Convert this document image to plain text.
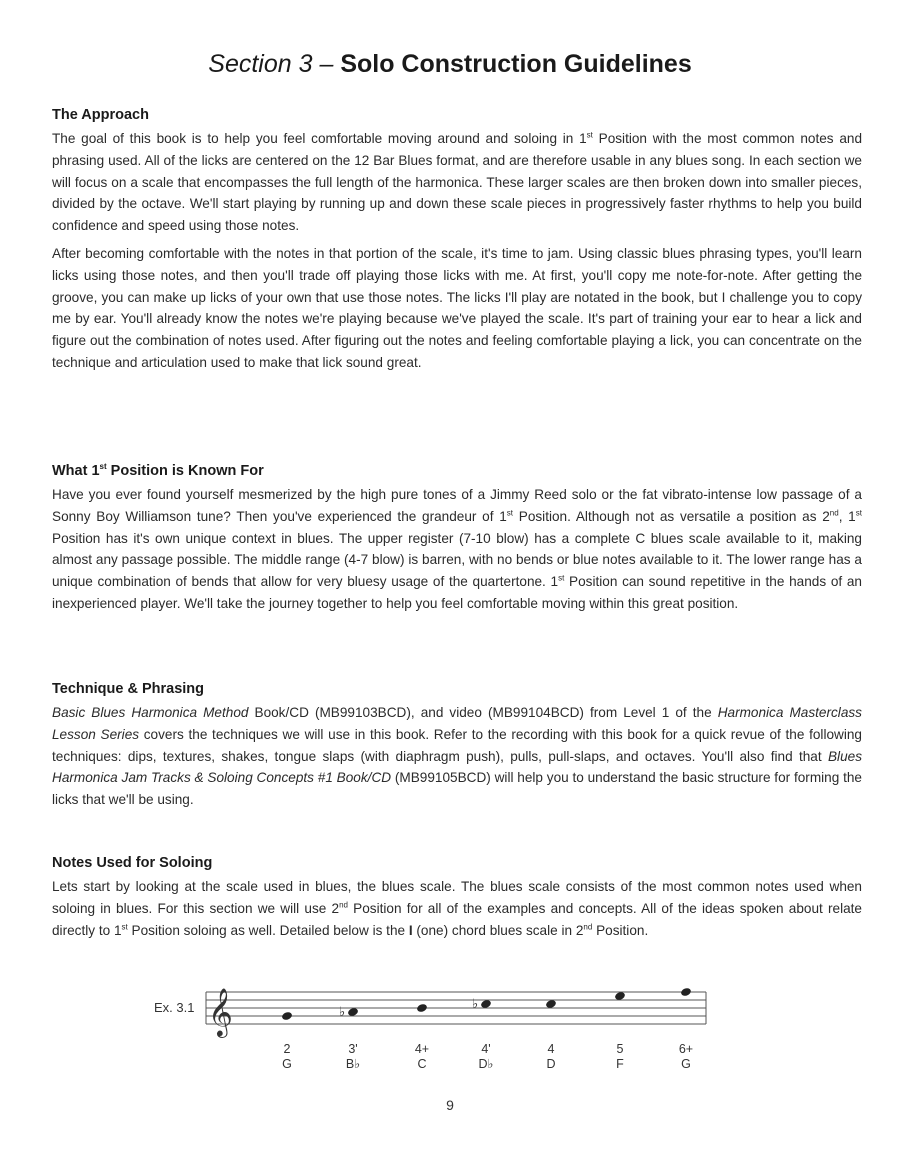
Section 3 – Solo Construction Guidelines
The Approach

The goal of this book is to help you feel comfortable moving around and soloing in 1st Position with the most common notes and phrasing used. All of the licks are centered on the 12 Bar Blues format, and are therefore usable in any blues song. In each section we will focus on a scale that encompasses the full length of the harmonica. These larger scales are then broken down into smaller pieces, divided by the octave. We'll start playing by running up and down these scale pieces in progressively faster rhythms to help you build confidence and speed using those notes.

After becoming comfortable with the notes in that portion of the scale, it's time to jam. Using classic blues phrasing types, you'll learn licks using those notes, and then you'll trade off playing those licks with me. At first, you'll copy me note-for-note. After getting the groove, you can make up licks of your own that use those notes. The licks I'll play are notated in the book, but I challenge you to copy me by ear. You'll already know the notes we're playing because we've played the scale. It's part of training your ear to hear a lick and figure out the combination of notes used. After figuring out the notes and feeling comfortable playing a lick, you can concentrate on the technique and articulation used to make that lick sound great.

What 1st Position is Known For

Have you ever found yourself mesmerized by the high pure tones of a Jimmy Reed solo or the fat vibrato-intense low passage of a Sonny Boy Williamson tune? Then you've experienced the grandeur of 1st Position. Although not as versatile a position as 2nd, 1st Position has it's own unique context in blues. The upper register (7-10 blow) has a complete C blues scale available to it, making almost any passage possible. The middle range (4-7 blow) is barren, with no bends or blue notes available to it. The lower range has a unique combination of bends that allow for very bluesy usage of the quartertone. 1st Position can sound repetitive in the hands of an inexperienced player. We'll take the journey together to help you feel comfortable moving within this great position.

Technique & Phrasing

Basic Blues Harmonica Method Book/CD (MB99103BCD), and video (MB99104BCD) from Level 1 of the Harmonica Masterclass Lesson Series covers the techniques we will use in this book. Refer to the recording with this book for a quick revue of the following techniques: dips, textures, shakes, tongue slaps (with diaphragm push), pulls, pull-slaps, and octaves. You'll also find that Blues Harmonica Jam Tracks & Soloing Concepts #1 Book/CD (MB99105BCD) will help you to understand the basic structure for forming the licks that we'll be using.

Notes Used for Soloing

Lets start by looking at the scale used in blues, the blues scale. The blues scale consists of the most common notes used when soloing in blues. For this section we will use 2nd Position for all of the examples and concepts. All of the ideas spoken about relate directly to 1st Position soloing as well. Detailed below is the I (one) chord blues scale in 2nd Position.

Ex. 3.1 𝄞	♭
♭
2
G
3'
B♭
4+
C
4'
D♭
4
D
5
F
6+
G
9
